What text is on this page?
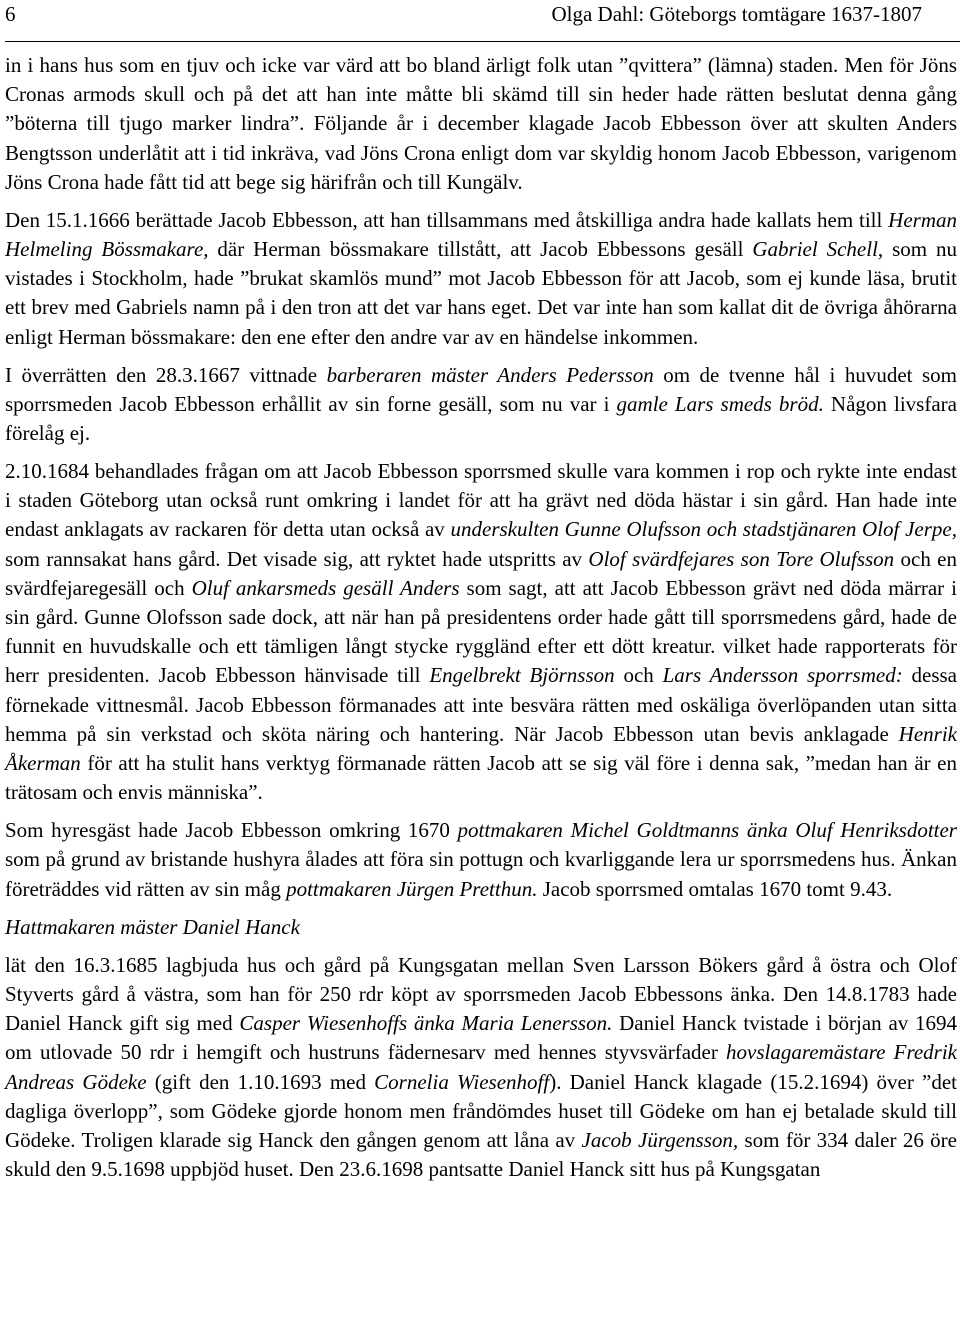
6	Olga Dahl: Göteborgs tomtägare 1637-1807

in i hans hus som en tjuv och icke var värd att bo bland ärligt folk utan ”qvittera” (lämna) staden. Men för Jöns Cronas armods skull och på det att han inte måtte bli skämd till sin heder hade rätten beslutat denna gång ”böterna till tjugo marker lindra”. Följande år i december klagade Jacob Ebbesson över att skulten Anders Bengtsson underlåtit att i tid inkräva, vad Jöns Crona enligt dom var skyldig honom Jacob Ebbesson, varigenom Jöns Crona hade fått tid att bege sig härifrån och till Kungälv.

Den 15.1.1666 berättade Jacob Ebbesson, att han tillsammans med åtskilliga andra hade kallats hem till Herman Helmeling Bössmakare, där Herman bössmakare tillstått, att Jacob Ebbessons gesäll Gabriel Schell, som nu vistades i Stockholm, hade ”brukat skamlös mund” mot Jacob Ebbesson för att Jacob, som ej kunde läsa, brutit ett brev med Gabriels namn på i den tron att det var hans eget. Det var inte han som kallat dit de övriga åhörarna enligt Herman bössmakare: den ene efter den andre var av en händelse inkommen.

I överrätten den 28.3.1667 vittnade barberaren mäster Anders Pedersson om de tvenne hål i huvudet som sporrsmeden Jacob Ebbesson erhållit av sin forne gesäll, som nu var i gamle Lars smeds bröd. Någon livsfara förelåg ej.

2.10.1684 behandlades frågan om att Jacob Ebbesson sporrsmed skulle vara kommen i rop och rykte inte endast i staden Göteborg utan också runt omkring i landet för att ha grävt ned döda hästar i sin gård. Han hade inte endast anklagats av rackaren för detta utan också av underskulten Gunne Olufsson och stadstjänaren Olof Jerpe, som rannsakat hans gård. Det visade sig, att ryktet hade utspritts av Olof svärdfejares son Tore Olufsson och en svärdfejaregesäll och Oluf ankarsmeds gesäll Anders som sagt, att att Jacob Ebbesson grävt ned döda märrar i sin gård. Gunne Olofsson sade dock, att när han på presidentens order hade gått till sporrsmedens gård, hade de funnit en huvudskalle och ett tämligen långt stycke ryggländ efter ett dött kreatur. vilket hade rapporterats för herr presidenten. Jacob Ebbesson hänvisade till Engelbrekt Björnsson och Lars Andersson sporrsmed: dessa förnekade vittnesmål. Jacob Ebbesson förmanades att inte besvära rätten med oskäliga överlöpanden utan sitta hemma på sin verkstad och sköta näring och hantering. När Jacob Ebbesson utan bevis anklagade Henrik Åkerman för att ha stulit hans verktyg förmanade rätten Jacob att se sig väl före i denna sak, ”medan han är en trätosam och envis människa”.

Som hyresgäst hade Jacob Ebbesson omkring 1670 pottmakaren Michel Goldtmanns änka Oluf Henriksdotter som på grund av bristande hushyra ålades att föra sin pottugn och kvarliggande lera ur sporrsmedens hus. Änkan företräddes vid rätten av sin måg pottmakaren Jürgen Pretthun. Jacob sporrsmed omtalas 1670 tomt 9.43.

Hattmakaren mäster Daniel Hanck

lät den 16.3.1685 lagbjuda hus och gård på Kungsgatan mellan Sven Larsson Bökers gård å östra och Olof Styverts gård å västra, som han för 250 rdr köpt av sporrsmeden Jacob Ebbessons änka. Den 14.8.1783 hade Daniel Hanck gift sig med Casper Wiesenhoffs änka Maria Lenersson. Daniel Hanck tvistade i början av 1694 om utlovade 50 rdr i hemgift och hustruns fädernesarv med hennes styvsvärfader hovslagaremästare Fredrik Andreas Gödeke (gift den 1.10.1693 med Cornelia Wiesenhoff). Daniel Hanck klagade (15.2.1694) över ”det dagliga överlopp”, som Gödeke gjorde honom men fråndömdes huset till Gödeke om han ej betalade skuld till Gödeke. Troligen klarade sig Hanck den gången genom att låna av Jacob Jürgensson, som för 334 daler 26 öre skuld den 9.5.1698 uppbjöd huset. Den 23.6.1698 pantsatte Daniel Hanck sitt hus på Kungsgatan
